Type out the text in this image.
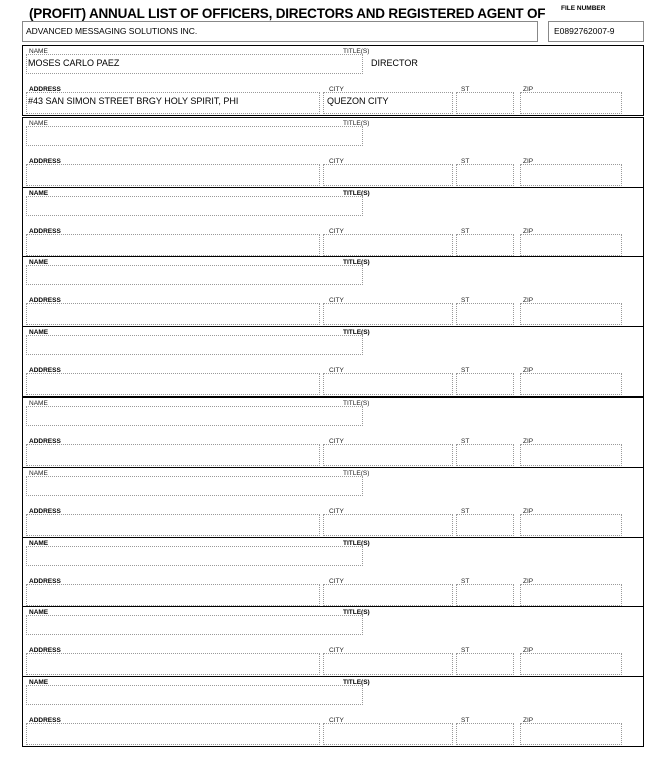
(PROFIT) ANNUAL LIST OF OFFICERS, DIRECTORS AND REGISTERED AGENT OF FILE NUMBER
ADVANCED MESSAGING SOLUTIONS INC.	E0892762007-9
NAME	TITLE(S)
MOSES CARLO PAEZ	DIRECTOR
ADDRESS	CITY	ST	ZIP
#43 SAN SIMON STREET BRGY HOLY SPIRIT, PHI	QUEZON CITY
NAME	TITLE(S)
ADDRESS	CITY	ST	ZIP
NAME	TITLE(S)
ADDRESS	CITY	ST	ZIP
NAME	TITLE(S)
ADDRESS	CITY	ST	ZIP
NAME	TITLE(S)
ADDRESS	CITY	ST	ZIP
NAME	TITLE(S)
ADDRESS	CITY	ST	ZIP
NAME	TITLE(S)
ADDRESS	CITY	ST	ZIP
NAME	TITLE(S)
ADDRESS	CITY	ST	ZIP
NAME	TITLE(S)
ADDRESS	CITY	ST	ZIP
NAME	TITLE(S)
ADDRESS	CITY	ST	ZIP
